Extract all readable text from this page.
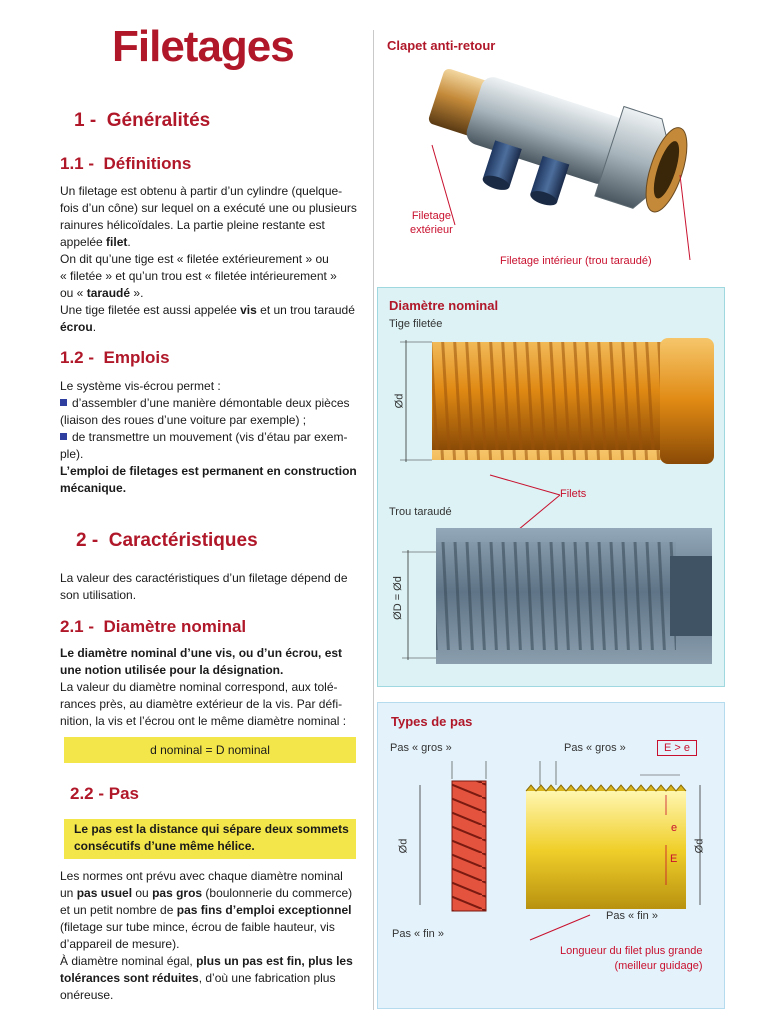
Filetages
1 - Généralités
1.1 - Définitions
Un filetage est obtenu à partir d’un cylindre (quelque-
fois d’un cône) sur lequel on a exécuté une ou plusieurs
rainures hélicoïdales. La partie pleine restante est
appelée filet.
On dit qu’une tige est « filetée extérieurement » ou
« filetée » et qu’un trou est « filetée intérieurement »
ou « taraudé ».
Une tige filetée est aussi appelée vis et un trou taraudé
écrou.
1.2 - Emplois
Le système vis-écrou permet :
d’assembler d’une manière démontable deux pièces
(liaison des roues d’une voiture par exemple) ;
de transmettre un mouvement (vis d’étau par exem-
ple).
L’emploi de filetages est permanent en construction
mécanique.
2 - Caractéristiques
La valeur des caractéristiques d’un filetage dépend de
son utilisation.
2.1 - Diamètre nominal
Le diamètre nominal d’une vis, ou d’un écrou, est
une notion utilisée pour la désignation.
La valeur du diamètre nominal correspond, aux tolé-
rances près, au diamètre extérieur de la vis. Par défi-
nition, la vis et l’écrou ont le même diamètre nominal :
d nominal = D nominal
2.2 - Pas
Le pas est la distance qui sépare deux sommets
consécutifs d’une même hélice.
Les normes ont prévu avec chaque diamètre nominal
un pas usuel ou pas gros (boulonnerie du commerce)
et un petit nombre de pas fins d’emploi exceptionnel
(filetage sur tube mince, écrou de faible hauteur, vis
d’appareil de mesure).
À diamètre nominal égal, plus un pas est fin, plus les
tolérances sont réduites, d’où une fabrication plus
onéreuse.
Clapet anti-retour
Filetage
extérieur
Filetage intérieur (trou taraudé)
Diamètre nominal
Tige filetée
Ød
Filets
Trou taraudé
ØD = Ød
Types de pas
Pas « gros »	Pas « gros »	E > e
Ød	Ød
e
E
Pas « fin »
Pas « fin »
Longueur du filet plus grande
(meilleur guidage)
